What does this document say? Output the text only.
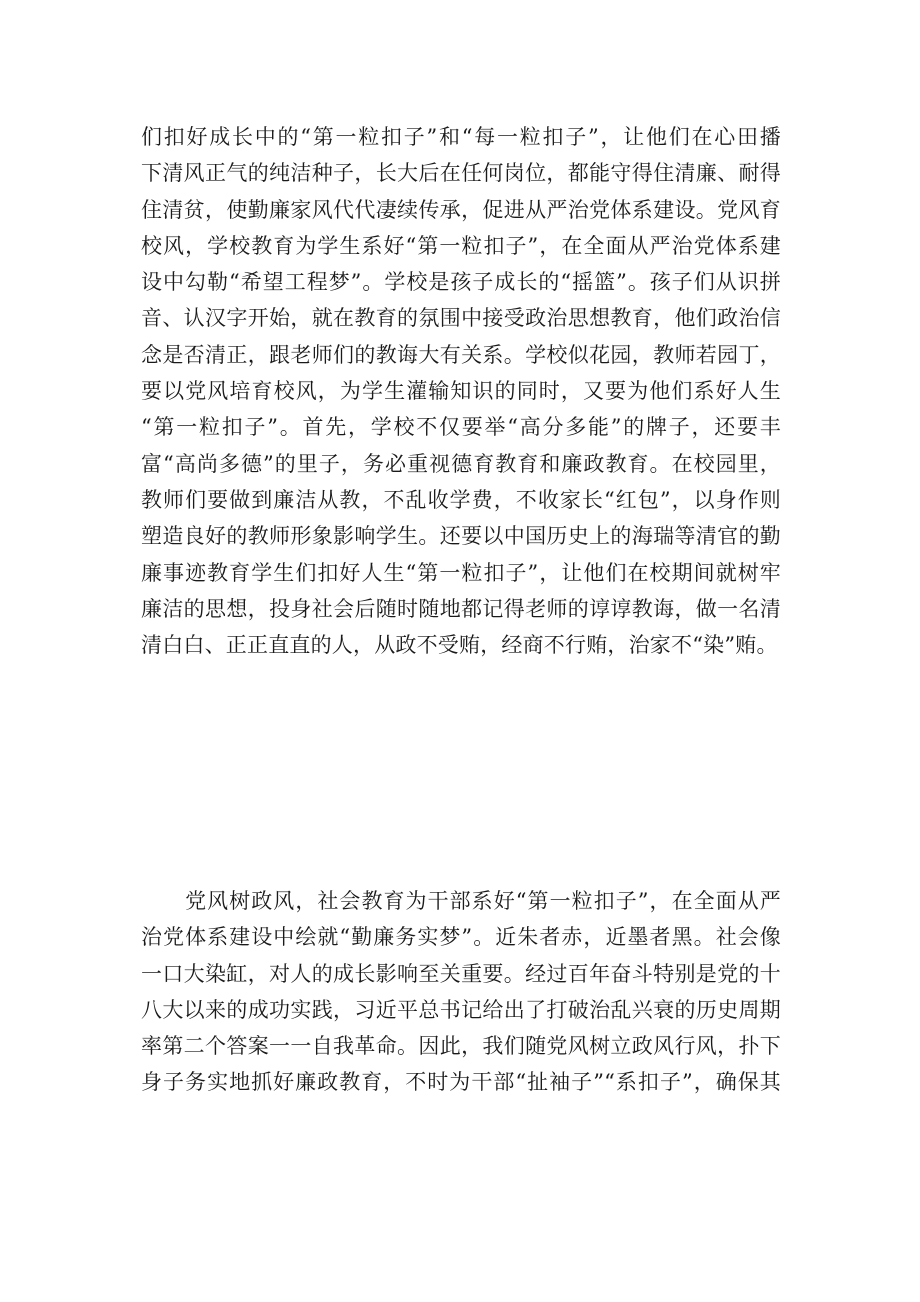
们扣好成长中的“第一粒扣子”和“每一粒扣子”，让他们在心田播
下清风正气的纯洁种子，长大后在任何岗位，都能守得住清廉、耐得
住清贫，使勤廉家风代代凄续传承，促进从严治党体系建设。党风育
校风，学校教育为学生系好“第一粒扣子”，在全面从严治党体系建
设中勾勒“希望工程梦”。学校是孩子成长的“摇篮”。孩子们从识拼
音、认汉字开始，就在教育的氛围中接受政治思想教育，他们政治信
念是否清正，跟老师们的教诲大有关系。学校似花园，教师若园丁，
要以党风培育校风，为学生灌输知识的同时，又要为他们系好人生
“第一粒扣子”。首先，学校不仅要举“高分多能”的牌子，还要丰
富“高尚多德”的里子，务必重视德育教育和廉政教育。在校园里，
教师们要做到廉洁从教，不乱收学费，不收家长“红包”，以身作则
塑造良好的教师形象影响学生。还要以中国历史上的海瑞等清官的勤
廉事迹教育学生们扣好人生“第一粒扣子”，让他们在校期间就树牢
廉洁的思想，投身社会后随时随地都记得老师的谆谆教诲，做一名清
清白白、正正直直的人，从政不受贿，经商不行贿，治家不“染”贿。
　　党风树政风，社会教育为干部系好“第一粒扣子”，在全面从严
治党体系建设中绘就“勤廉务实梦”。近朱者赤，近墨者黑。社会像
一口大染缸，对人的成长影响至关重要。经过百年奋斗特别是党的十
八大以来的成功实践，习近平总书记给出了打破治乱兴衰的历史周期
率第二个答案一一自我革命。因此，我们随党风树立政风行风，扑下
身子务实地抓好廉政教育，不时为干部“扯袖子”“系扣子”，确保其
